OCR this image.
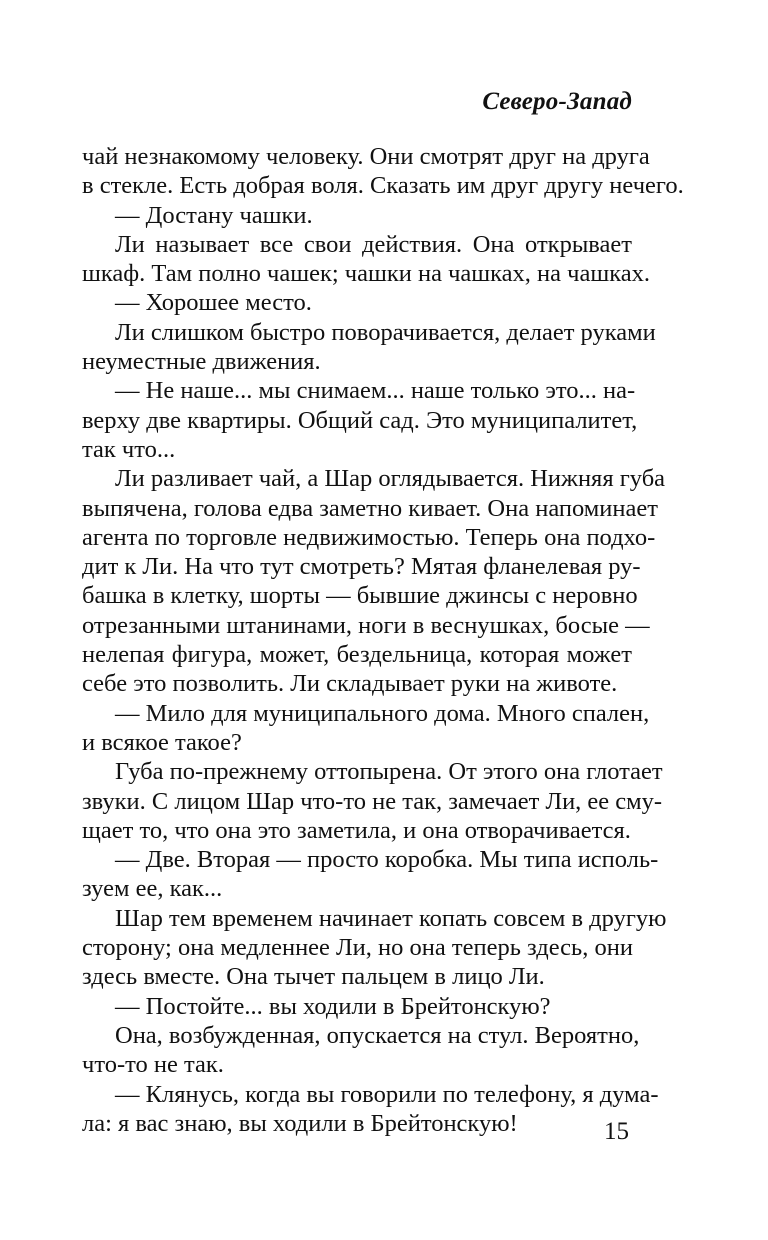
Северо-Запад
чай незнакомому человеку. Они смотрят друг на друга
в стекле. Есть добрая воля. Сказать им друг другу нечего.
— Достану чашки.
Ли называет все свои действия. Она открывает
шкаф. Там полно чашек; чашки на чашках, на чашках.
— Хорошее место.
Ли слишком быстро поворачивается, делает руками
неуместные движения.
— Не наше... мы снимаем... наше только это... на-
верху две квартиры. Общий сад. Это муниципалитет,
так что...
Ли разливает чай, а Шар оглядывается. Нижняя губа
выпячена, голова едва заметно кивает. Она напоминает
агента по торговле недвижимостью. Теперь она подхо-
дит к Ли. На что тут смотреть? Мятая фланелевая ру-
башка в клетку, шорты — бывшие джинсы с неровно
отрезанными штанинами, ноги в веснушках, босые —
нелепая фигура, может, бездельница, которая может
себе это позволить. Ли складывает руки на животе.
— Мило для муниципального дома. Много спален,
и всякое такое?
Губа по-прежнему оттопырена. От этого она глотает
звуки. С лицом Шар что-то не так, замечает Ли, ее сму-
щает то, что она это заметила, и она отворачивается.
— Две. Вторая — просто коробка. Мы типа исполь-
зуем ее, как...
Шар тем временем начинает копать совсем в другую
сторону; она медленнее Ли, но она теперь здесь, они
здесь вместе. Она тычет пальцем в лицо Ли.
— Постойте... вы ходили в Брейтонскую?
Она, возбужденная, опускается на стул. Вероятно,
что-то не так.
— Клянусь, когда вы говорили по телефону, я дума-
ла: я вас знаю, вы ходили в Брейтонскую!	15
